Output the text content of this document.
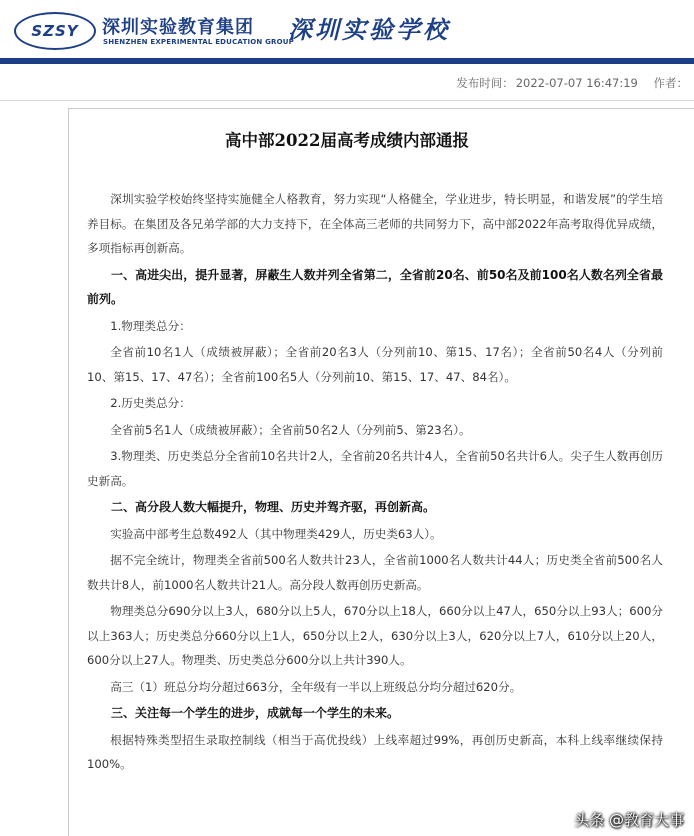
SZSY	深圳实验教育集团
SHENZHEN EXPERIMENTAL EDUCATION GROUP
深圳实验学校
发布时间： 2022-07-07 16:47:19 作者：
高中部2022届高考成绩内部通报

深圳实验学校始终坚持实施健全人格教育，努力实现“人格健全，学业进步，特长明显，和谐发展”的学生培养目标。在集团及各兄弟学部的大力支持下，在全体高三老师的共同努力下，高中部2022年高考取得优异成绩，多项指标再创新高。

一、高进尖出，提升显著，屏蔽生人数并列全省第二，全省前20名、前50名及前100名人数名列全省最前列。

1.物理类总分：

全省前10名1人（成绩被屏蔽）；全省前20名3人（分列前10、第15、17名）；全省前50名4人（分列前10、第15、17、47名）；全省前100名5人（分列前10、第15、17、47、84名）。

2.历史类总分：

全省前5名1人（成绩被屏蔽）；全省前50名2人（分列前5、第23名）。

3.物理类、历史类总分全省前10名共计2人，全省前20名共计4人，全省前50名共计6人。尖子生人数再创历史新高。

二、高分段人数大幅提升，物理、历史并驾齐驱，再创新高。

实验高中部考生总数492人（其中物理类429人，历史类63人）。

据不完全统计，物理类全省前500名人数共计23人，全省前1000名人数共计44人；历史类全省前500名人数共计8人，前1000名人数共计21人。高分段人数再创历史新高。

物理类总分690分以上3人，680分以上5人，670分以上18人，660分以上47人，650分以上93人；600分以上363人；历史类总分660分以上1人，650分以上2人，630分以上3人，620分以上7人，610分以上20人，600分以上27人。物理类、历史类总分600分以上共计390人。

高三（1）班总分均分超过663分，全年级有一半以上班级总分均分超过620分。

三、关注每一个学生的进步，成就每一个学生的未来。

根据特殊类型招生录取控制线（相当于高优投线）上线率超过99%，再创历史新高，本科上线率继续保持100%。

头条 @教育大事
